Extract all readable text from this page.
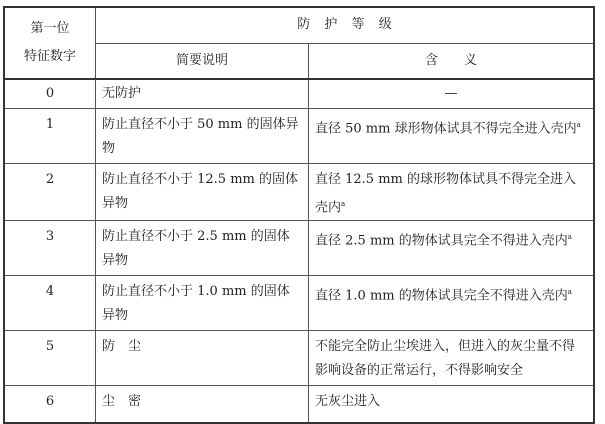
第一位
特征数字	防 护 等 级	
	简要说明	含　　义
0	无防护	—
1	防止直径不小于 50 mm 的固体异物	直径 50 mm 球形物体试具不得完全进入壳内$^a$
2	防止直径不小于 12.5 mm 的固体异物	直径 12.5 mm 的球形物体试具不得完全进入壳内$^a$
3	防止直径不小于 2.5 mm 的固体异物	直径 2.5 mm 的物体试具完全不得进入壳内$^a$
4	防止直径不小于 1.0 mm 的固体异物	直径 1.0 mm 的物体试具完全不得进入壳内$^a$
5	防　尘	不能完全防止尘埃进入，但进入的灰尘量不得影响设备的正常运行，不得影响安全
6	尘　密	无灰尘进入
